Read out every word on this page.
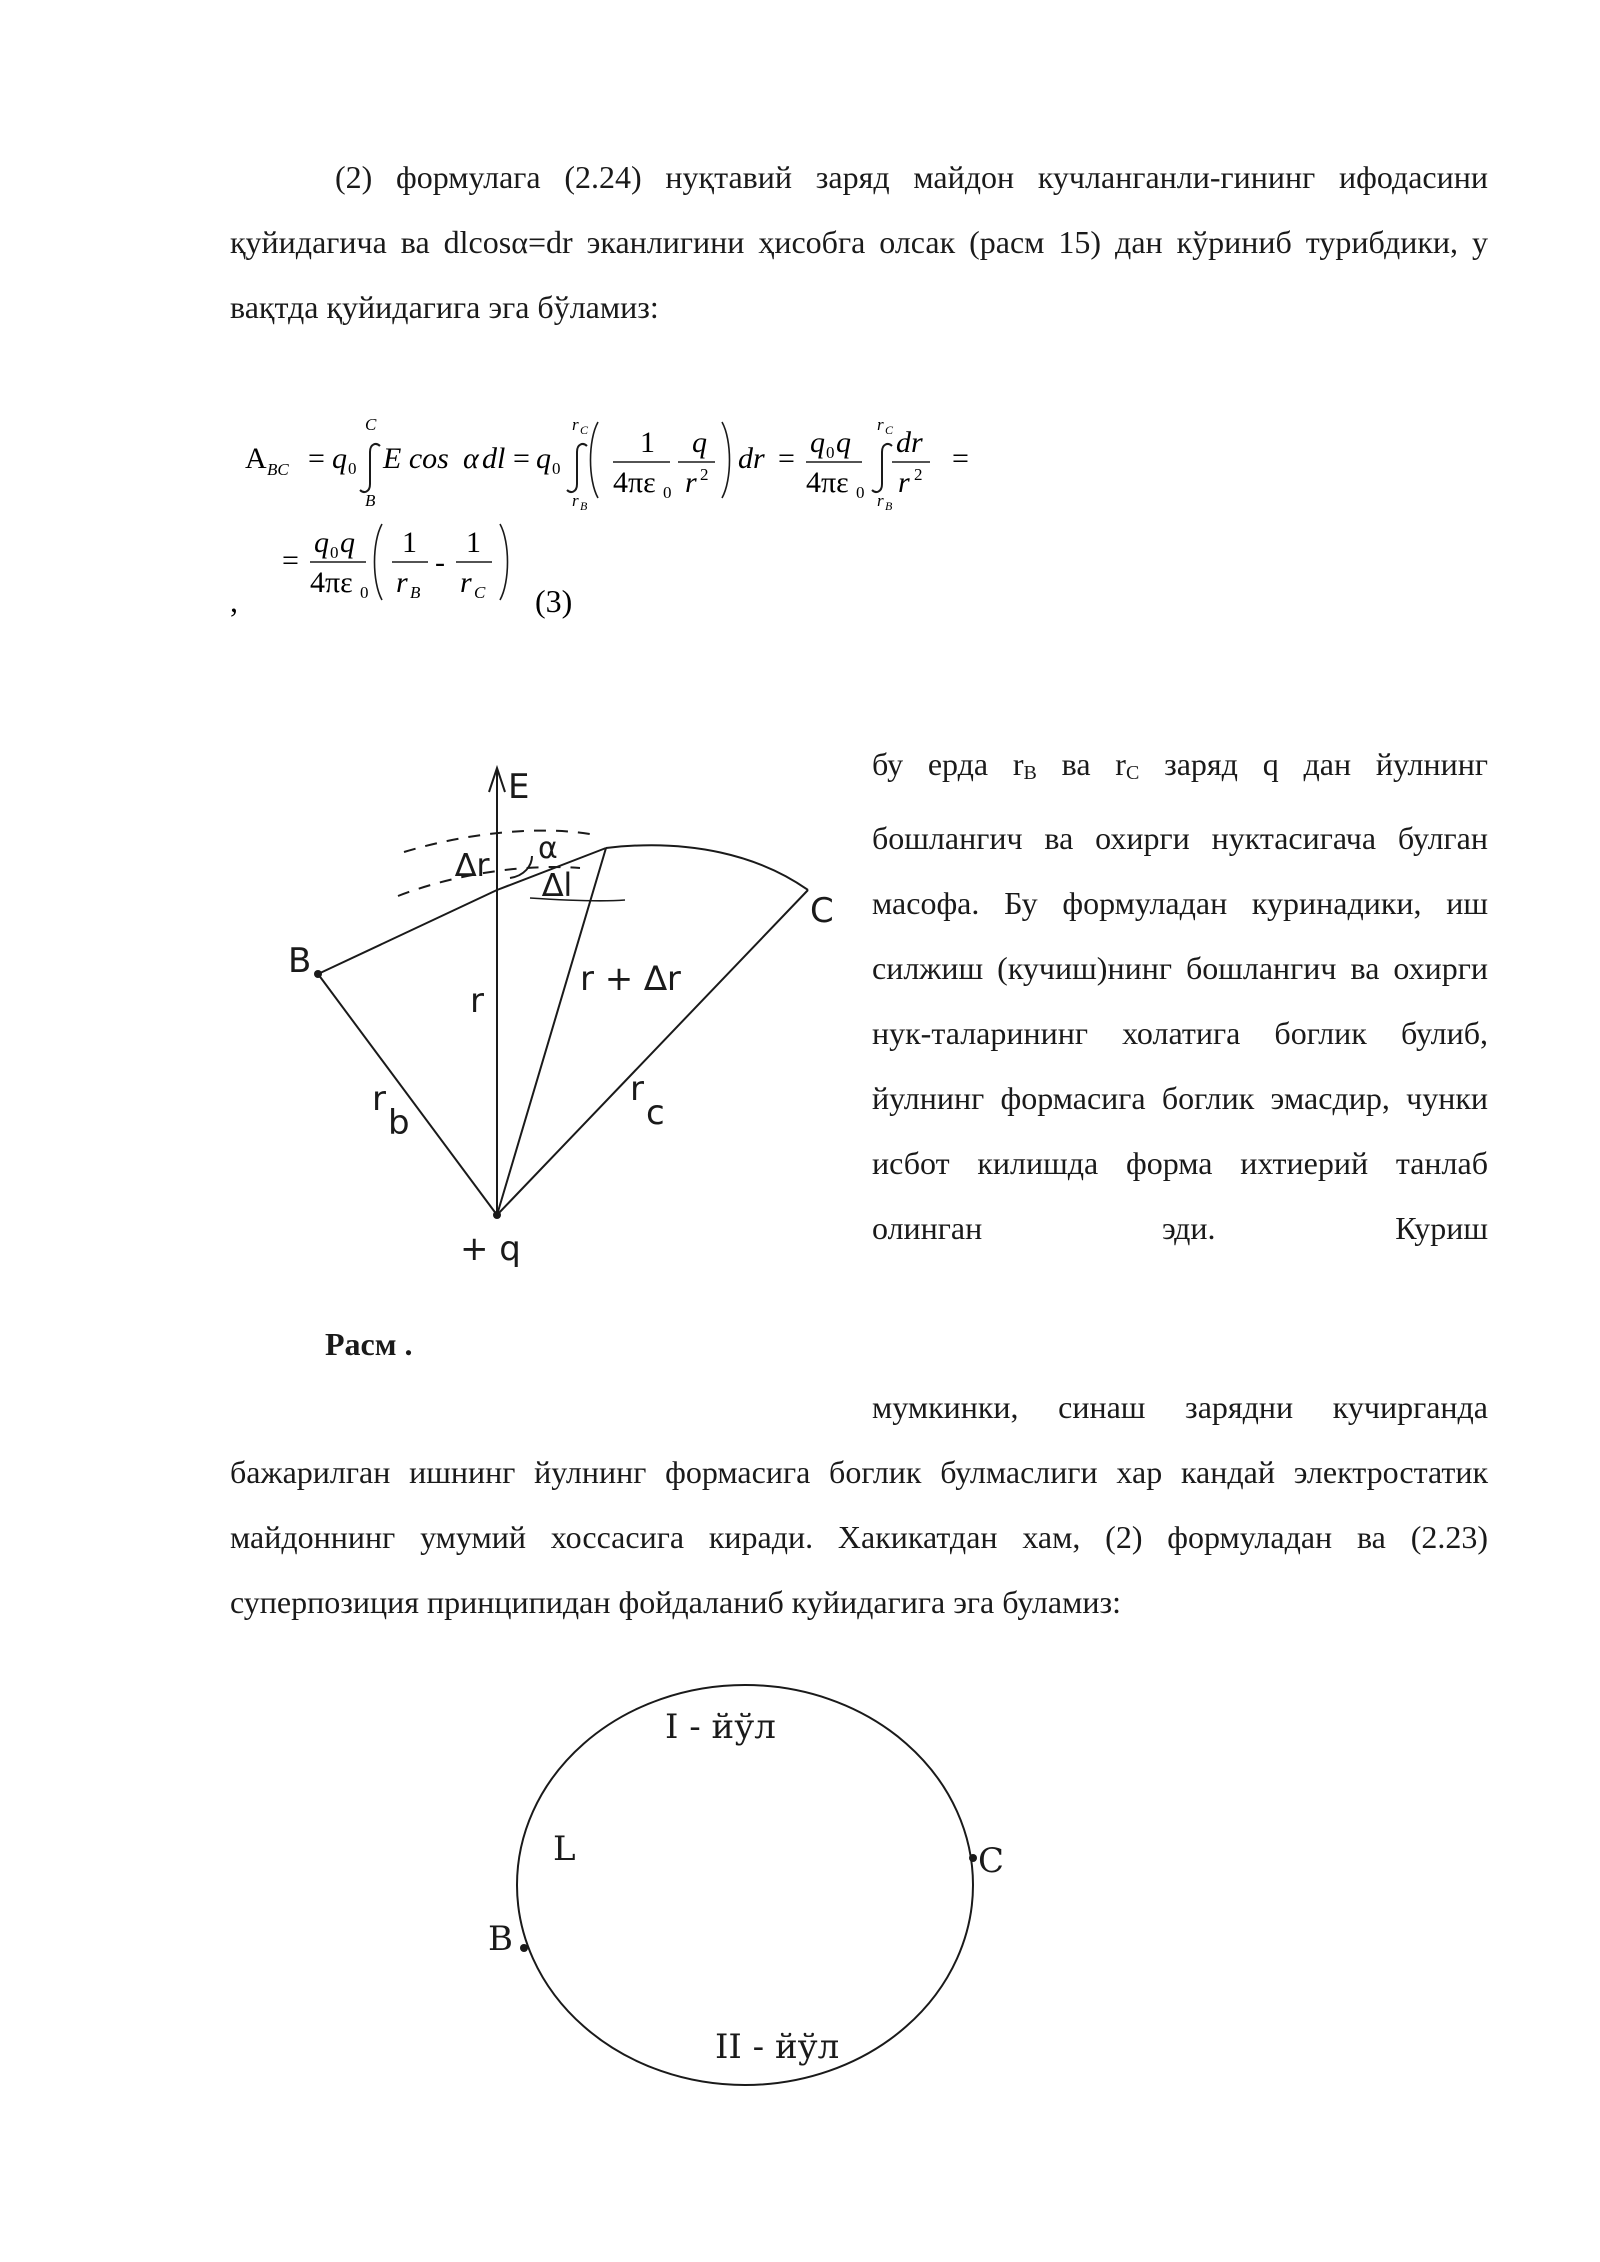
(2) формулага (2.24) нуқтавий заряд майдон кучланганли-гининг ифодасини қуйидагича ва dlcosα=dr эканлигини ҳисобга олсак (расм 15) дан кўриниб турибдики, у вақтда қуйидагига эга бўламиз:

A BC = q 0
C
B
E cos α dl = q 0
r C
r B
1
4πε 0
q
r 2 dr = q 0 q
4πε 0
r C
r B
dr
r 2 =
=
q 0 q
4πε 0
1
r B
-
1
r C
,	(3)
E
α
∆r
∆l
B
C
r
r + ∆r
r
b
r
c
+ q

бу ерда $r_B$ ва $r_C$ заряд q дан йулнинг бошлангич ва охирги нуктасигача булган масофа. Бу формуладан куринадики, иш силжиш (кучиш)нинг бошлангич ва охирги нук-таларининг холатига боглик булиб, йулнинг формасига боглик эмасдир, чунки исбот килишда форма ихтиерий танлаб олинган эди. Куриш

Расм .

мумкинки, синаш зарядни кучирганда бажарилган ишнинг йулнинг формасига боглик булмаслиги хар кандай электростатик майдоннинг умумий хоссасига киради. Хакикатдан хам, (2) формуладан ва (2.23) суперпозиция принципидан фойдаланиб куйидагига эга буламиз:

I - йўл
L
B
C
II - йўл
